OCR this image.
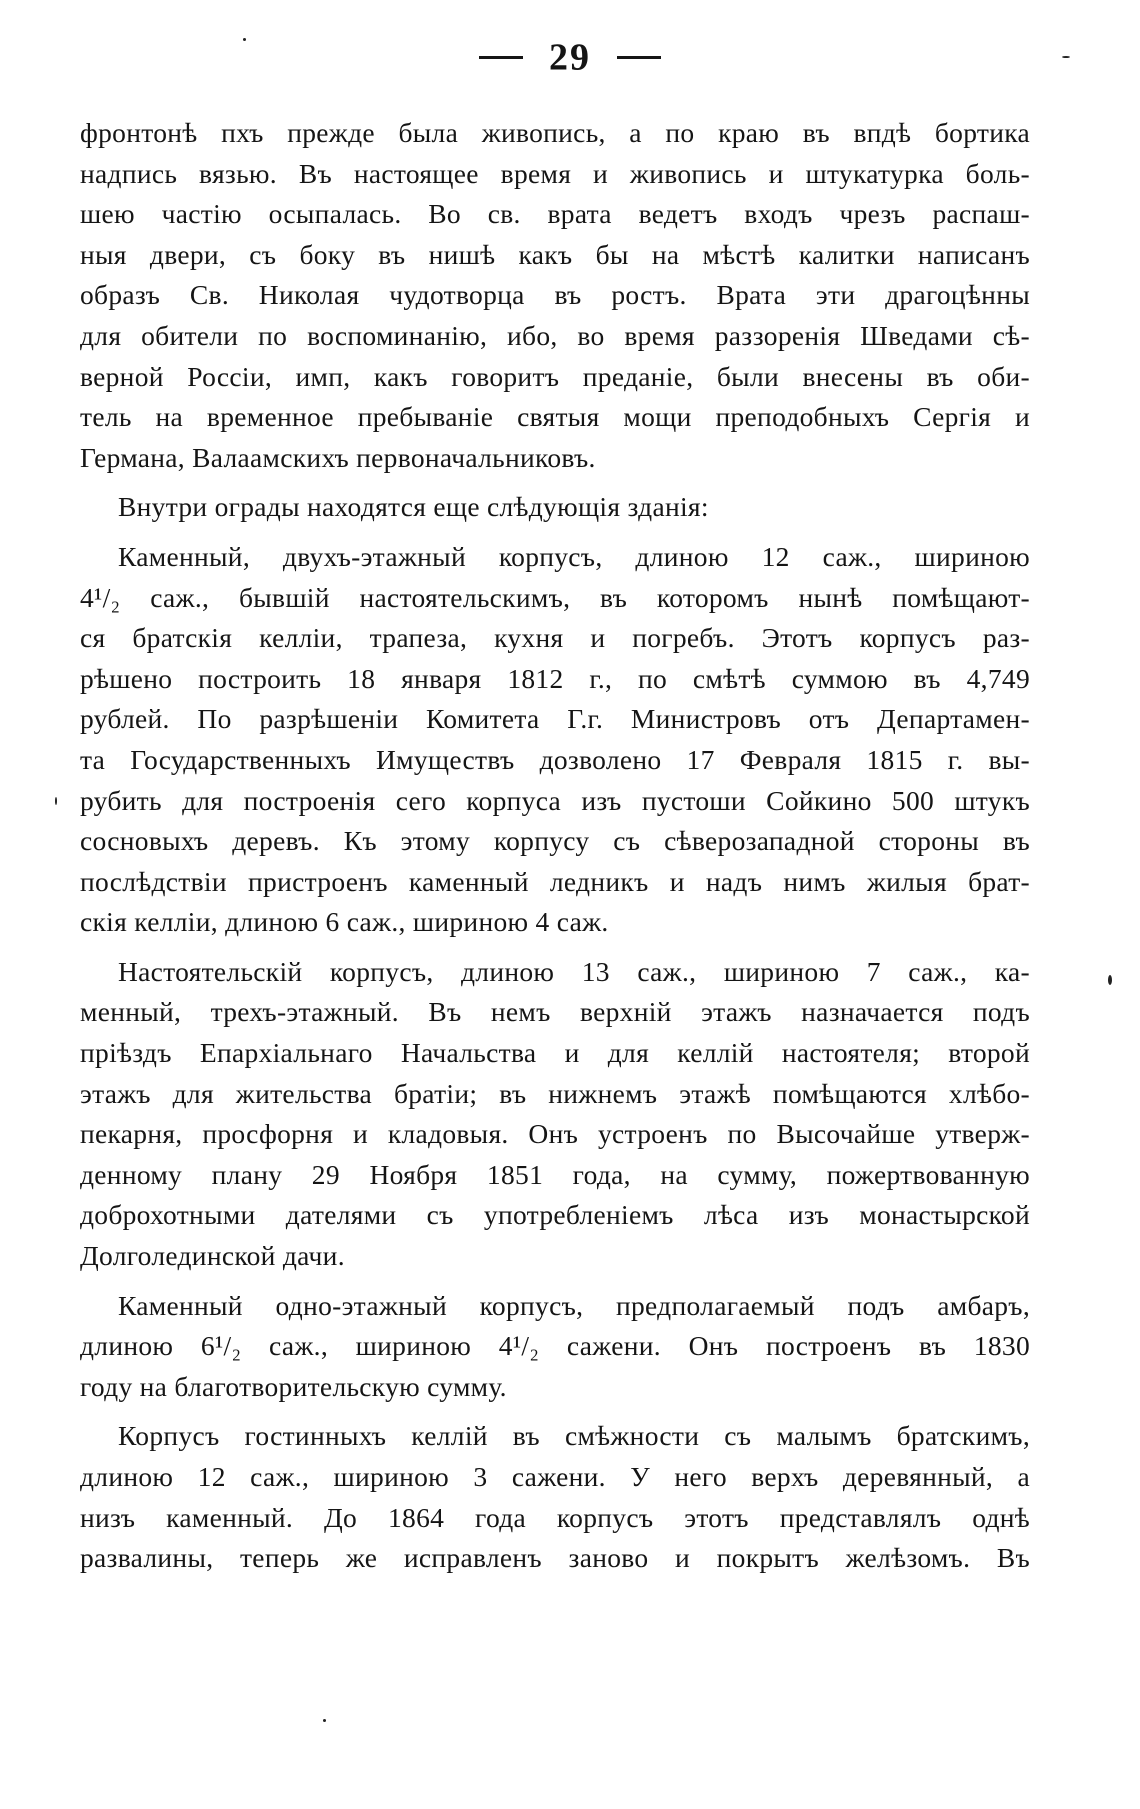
29
фронтонѣ пхъ прежде была живопись, а по краю въ впдѣ бортика
надпись вязью. Въ настоящее время и живопись и штукатурка боль-
шею частію осыпалась. Во св. врата ведетъ входъ чрезъ распаш-
ныя двери, съ боку въ нишѣ какъ бы на мѣстѣ калитки написанъ
образъ Св. Николая чудотворца въ ростъ. Врата эти драгоцѣнны
для обители по воспоминанію, ибо, во время раззоренія Шведами сѣ-
верной Россіи, имп, какъ говоритъ преданіе, были внесены въ оби-
тель на временное пребываніе святыя мощи преподобныхъ Сергія и
Германа, Валаамскихъ первоначальниковъ.
Внутри ограды находятся еще слѣдующія зданія:
Каменный, двухъ-этажный корпусъ, длиною 12 саж., шириною
4¹/₂ саж., бывшій настоятельскимъ, въ которомъ нынѣ помѣщают-
ся братскія келліи, трапеза, кухня и погребъ. Этотъ корпусъ раз-
рѣшено построить 18 января 1812 г., по смѣтѣ суммою въ 4,749
рублей. По разрѣшеніи Комитета Г.г. Министровъ отъ Департамен-
та Государственныхъ Имуществъ дозволено 17 Февраля 1815 г. вы-
рубить для построенія сего корпуса изъ пустоши Сойкино 500 штукъ
сосновыхъ деревъ. Къ этому корпусу съ сѣверозападной стороны въ
послѣдствіи пристроенъ каменный ледникъ и надъ нимъ жилыя брат-
скія келліи, длиною 6 саж., шириною 4 саж.
Настоятельскій корпусъ, длиною 13 саж., шириною 7 саж., ка-
менный, трехъ-этажный. Въ немъ верхній этажъ назначается подъ
пріѣздъ Епархіальнаго Начальства и для келлій настоятеля; второй
этажъ для жительства братіи; въ нижнемъ этажѣ помѣщаются хлѣбо-
пекарня, просфорня и кладовыя. Онъ устроенъ по Высочайше утверж-
денному плану 29 Ноября 1851 года, на сумму, пожертвованную
доброхотными дателями съ употребленіемъ лѣса изъ монастырской
Долголединской дачи.
Каменный одно-этажный корпусъ, предполагаемый подъ амбаръ,
длиною 6¹/₂ саж., шириною 4¹/₂ сажени. Онъ построенъ въ 1830
году на благотворительскую сумму.
Корпусъ гостинныхъ келлій въ смѣжности съ малымъ братскимъ,
длиною 12 саж., шириною 3 сажени. У него верхъ деревянный, а
низъ каменный. До 1864 года корпусъ этотъ представлялъ однѣ
развалины, теперь же исправленъ заново и покрытъ желѣзомъ. Въ
